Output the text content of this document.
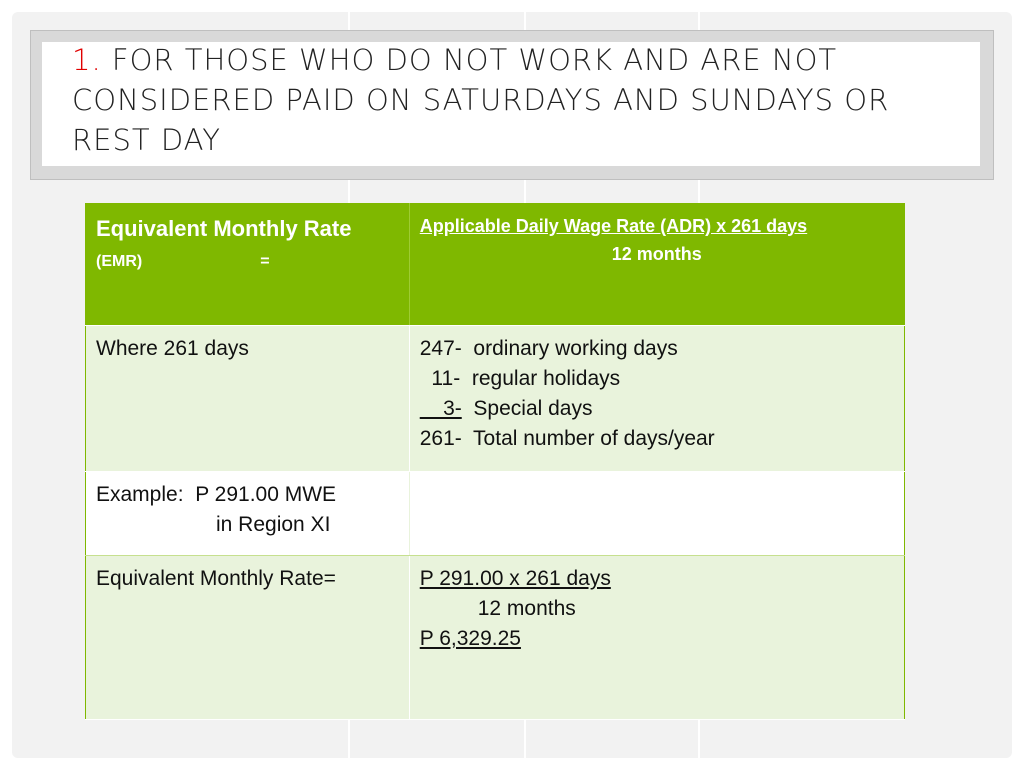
1. FOR THOSE WHO DO NOT WORK AND ARE NOT CONSIDERED PAID ON SATURDAYS AND SUNDAYS OR REST DAY
Equivalent Monthly Rate (EMR) =	Applicable Daily Wage Rate (ADR) x 261 days
12 months

Where 261 days	247-  ordinary working days
11-  regular holidays
3-  Special days
261-  Total number of days/year

Example:  P 291.00 MWE
in Region XI	

Equivalent Monthly Rate=	P 291.00 x 261 days
12 months
P 6,329.25
